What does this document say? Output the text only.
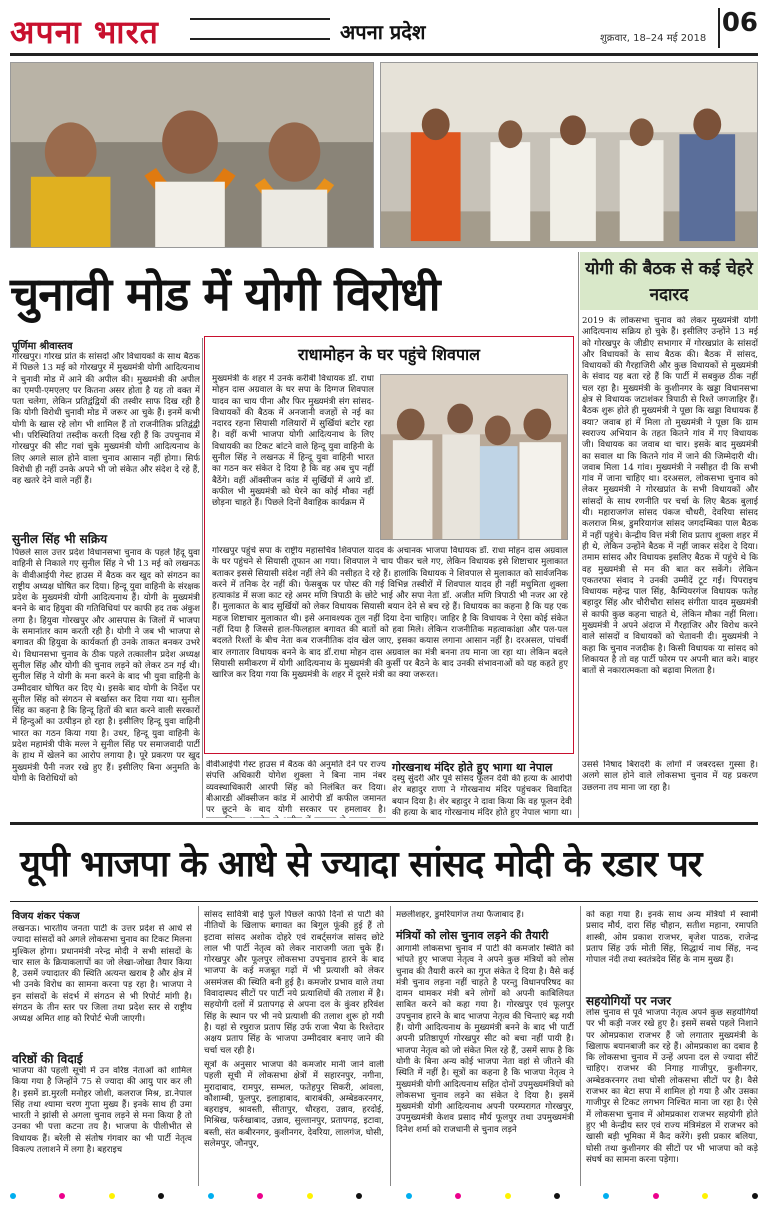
अपना भारत	अपना प्रदेश	शुक्रवार, 18–24 मई 2018
06
चुनावी मोड में योगी विरोधी	योगी की बैठक से कई चेहरे नदारद
पूर्णिमा श्रीवास्तव
गोरखपुर। गोरख प्रांत के सांसदों और विधायकों के साथ बैठक में पिछले 13 मई को गोरखपुर में मुख्यमंत्री योगी आदित्यनाथ ने चुनावी मोड में आने की अपील की। मुख्यमंत्री की अपील का एमपी-एमएलए पर कितना असर होता है यह तो वक्त में पता चलेगा, लेकिन प्रतिद्वंद्वियों की तस्वीर साफ दिख रही है कि योगी विरोधी चुनावी मोड में जरूर आ चुके हैं। इनमें कभी योगी के खास रहे लोग भी शामिल हैं तो राजनीतिक प्रतिद्वंद्वी भी। परिस्थितियां तस्दीक करती दिख रही हैं कि उपचुनाव में गोरखपुर की सीट गवां चुके मुख्यमंत्री योगी आदित्यनाथ के लिए अगले साल होने वाला चुनाव आसान नहीं होगा। सिर्फ विरोधी ही नहीं उनके अपने भी जो संकेत और संदेश दे रहे हैं, वह खतरे देने वाले नहीं हैं।
सुनील सिंह भी सक्रिय
पिछले साल उत्तर प्रदेश विधानसभा चुनाव के पहले हिंदू युवा वाहिनी से निकाले गए सुनील सिंह ने भी 13 मई को लखनऊ के वीवीआईपी गेस्ट हाउस में बैठक कर खुद को संगठन का राष्ट्रीय अध्यक्ष घोषित कर दिया। हिन्दू युवा वाहिनी के संरक्षक प्रदेश के मुख्यमंत्री योगी आदित्यनाथ हैं। योगी के मुख्यमंत्री बनने के बाद हियुवा की गतिविधियां पर काफी हद तक अंकुश लगा है। हियुवा गोरखपुर और आसपास के जिलों में भाजपा के समानांतर काम करती रही है। योगी ने जब भी भाजपा से बगावत की हियुवा के कार्यकर्ता ही उनके ताकत बनकर उभरे थे। विधानसभा चुनाव के ठीक पहले तत्कालीन प्रदेश अध्यक्ष सुनील सिंह और योगी की चुनाव लड़ने को लेकर ठन गई थी। सुनील सिंह ने योगी के मना करने के बाद भी युवा वाहिनी के उम्मीदवार घोषित कर दिए थे। इसके बाद योगी के निर्देश पर सुनील सिंह को संगठन से बर्खास्त कर दिया गया था। सुनील सिंह का कहना है कि हिन्दू हितों की बात करने वाली सरकारों में हिन्दुओं का उत्पीड़न हो रहा है। इसीलिए हिन्दू युवा वाहिनी भारत का गठन किया गया है। उधर, हिन्दू युवा वाहिनी के प्रदेश महामंत्री पीके मल्ल ने सुनील सिंह पर समाजवादी पार्टी के हाथ में खेलने का आरोप लगाया है। पूरे प्रकरण पर खुद मुख्यमंत्री पैनी नजर रखे हुए हैं। इसीलिए बिना अनुमति के योगी के विरोधियों को
राधामोहन के घर पहुंचे शिवपाल
मुख्यमंत्री के शहर में उनके करीबी विधायक डॉ. राधा मोहन दास अग्रवाल के घर सपा के दिग्गज शिवपाल यादव का चाय पीना और फिर मुख्यमंत्री संग सांसद-विधायकों की बैठक में अनजानी वजहों से नई का नदारद रहना सियासी गलियारों में सुर्खियां बटोर रहा है। वहीं कभी भाजपा योगी आदित्यनाथ के लिए विधायकी का टिकट बांटने वाले हिन्दू युवा वाहिनी के सुनील सिंह ने लखनऊ में हिन्दू युवा वाहिनी भारत का गठन कर संकेत दे दिया है कि वह अब चुप नहीं बैठेंगे। वहीं ऑक्सीजन कांड में सुर्खियों में आये डॉ. कफील भी मुख्यमंत्री को घेरने का कोई मौका नहीं छोड़ना चाहते हैं। पिछले दिनों वैवाहिक कार्यक्रम में
गोरखपुर पहुंचे सपा के राष्ट्रीय महासचिव शिवपाल यादव के अचानक भाजपा विधायक डॉ. राधा मोहन दास अग्रवाल के घर पहुंचने से सियासी तूफान आ गया। शिवपाल ने चाय पीकर चले गए, लेकिन विधायक इसे शिष्टाचार मुलाकात बताकर इससे सियासी संदेश नहीं लेने की नसीहत दे रहे हैं। हालांकि विधायक ने शिवपाल से मुलाकात को सार्वजनिक करने में तनिक देर नहीं की। फेसबुक पर पोस्ट की गई विभिन्न तस्वीरों में शिवपाल यादव ही नहीं मधुमिता शुक्ला हत्याकांड में सजा काट रहे अमर मणि त्रिपाठी के छोटे भाई और सपा नेता डॉ. अजीत मणि त्रिपाठी भी नजर आ रहे हैं। मुलाकात के बाद सुर्खियों को लेकर विधायक सियासी बयान देने से बच रहे हैं। विधायक का कहना है कि यह एक महज शिष्टाचार मुलाकात थी। इसे अनावश्यक तूल नहीं दिया देना चाहिए। जाहिर है कि विधायक ने ऐसा कोई संकेत नहीं दिया है जिससे हाल-फिलहाल बगावत की बातों को हवा मिले। लेकिन राजनीतिक महत्वाकांक्षा और पल-पल बदलते रिश्तों के बीच नेता कब राजनीतिक दांव खेल जाए, इसका कयास लगाना आसान नहीं है। दरअसल, पांचवीं बार लगातार विधायक बनने के बाद डॉ.राधा मोहन दास अग्रवाल का मंत्री बनना तय माना जा रहा था। लेकिन बदले सियासी समीकरण में योगी आदित्यनाथ के मुख्यमंत्री की कुर्सी पर बैठने के बाद उनकी संभावनाओं को यह कहते हुए खारिज कर दिया गया कि मुख्यमंत्री के शहर में दूसरे मंत्री का क्या जरूरत।
वीवीआईपी गेस्ट हाउस में बैठक की अनुमति देने पर राज्य संपत्ति अधिकारी योगेश शुक्ला ने बिना नाम नंबर व्यवस्थाधिकारी आरपी सिंह को निलंबित कर दिया। बीआरडी ऑक्सीजन कांड में आरोपी डॉ कफील जमानत पर छूटने के बाद योगी सरकार पर हमलावर है।
गोरखनाथ मंदिर होते हुए भागा था नेपाल
दस्यु सुंदरी और पूर्व सांसद फूलन देवी की हत्या के आरोपी शेर बहादुर राणा ने गोरखनाथ मंदिर पहुंचकर विवादित बयान दिया है। शेर बहादुर ने दावा किया कि वह फूलन देवी की हत्या के बाद गोरखनाथ मंदिर होते हुए नेपाल भागा था।
2019 के लोकसभा चुनाव को लेकर मुख्यमंत्री योगी आदित्यनाथ सक्रिय हो चुके हैं। इसीलिए उन्होंने 13 मई को गोरखपुर के जीडीए सभागार में गोरखप्रांत के सांसदों और विधायकों के साथ बैठक की। बैठक में सांसद, विधायकों की गैरहाजिरी और कुछ विधायकों से मुख्यमंत्री के संवाद यह बता रहे हैं कि पार्टी में सबकुछ ठीक नहीं चल रहा है। मुख्यमंत्री के कुशीनगर के खड्डा विधानसभा क्षेत्र से विधायक जटाशंकर त्रिपाठी से रिश्ते जगजाहिर हैं। बैठक शुरू होते ही मुख्यमंत्री ने पूछा कि खड्डा विधायक हैं क्या? जवाब हां में मिला तो मुख्यमंत्री ने पूछा कि ग्राम स्वराज्य अभियान के तहत कितने गांव में गए विधायक जी। विधायक का जवाब था चार। इसके बाद मुख्यमंत्री का सवाल था कि कितने गांव में जाने की जिम्मेदारी थी। जवाब मिला 14 गांव। मुख्यमंत्री ने नसीहत दी कि सभी गांव में जाना चाहिए था। दरअसल, लोकसभा चुनाव को लेकर मुख्यमंत्री ने गोरखप्रांत के सभी विधायकों और सांसदों के साथ रणनीति पर चर्चा के लिए बैठक बुलाई थी। महाराजगंज सांसद पंकज चौधरी, देवरिया सांसद कलराज मिश्र, डुमरियागंज सांसद जगदम्बिका पाल बैठक में नहीं पहुंचे। केन्द्रीय वित्त मंत्री शिव प्रताप शुक्ला शहर में ही थे, लेकिन उन्होंने बैठक में नहीं जाकर संदेश दे दिया। तमाम सांसद और विधायक इसलिए बैठक में पहुंचे थे कि वह मुख्यमंत्री से मन की बात कर सकेंगे। लेकिन एकतरफा संवाद ने उनकी उम्मीदें टूट गईं। पिपराइच विधायक महेन्द्र पाल सिंह, कैम्पियरगंज विधायक फतेह बहादुर सिंह और चौरीचौरा सांसद संगीता यादव मुख्यमंत्री से काफी कुछ कहना चाहते थे, लेकिन मौका नहीं मिला। मुख्यमंत्री ने अपने अंदाज में गैरहाजिर और विरोध करने वाले सांसदों व विधायकों को चेतावनी दी। मुख्यमंत्री ने कहा कि चुनाव नजदीक है। किसी विधायक या सांसद को शिकायत है तो वह पार्टी फोरम पर अपनी बात करे। बाहर बातों से नकारात्मकता को बढ़ावा मिलता है।
उससे निषाद बिरादरी के लोगों में जबरदस्त गुस्सा है। अलगे साल होने वाले लोकसभा चुनाव में यह प्रकरण उछलना तय माना जा रहा है।
यूपी भाजपा के आधे से ज्यादा सांसद मोदी के रडार पर
विजय शंकर पंकज
लखनऊ। भारतीय जनता पार्टी के उत्तर प्रदेश से आधे से ज्यादा सांसदों को अगले लोकसभा चुनाव का टिकट मिलना मुश्किल होगा। प्रधानमंत्री नरेन्द्र मोदी ने सभी सांसदों के चार साल के क्रियाकलापों का जो लेखा-जोखा तैयार किया है, उसमें ज्यादातर की स्थिति अत्यन्त खराब है और क्षेत्र में भी उनके विरोध का सामना करना पड़ रहा है। भाजपा ने इन सांसदों के संदर्भ में संगठन से भी रिपोर्ट मांगी है। संगठन के तीन स्तर पर जिला तथा प्रदेश स्तर से राष्ट्रीय अध्यक्ष अमित शाह को रिपोर्ट भेजी जाएगी।
वरिष्ठों की विदाई
भाजपा की पहली सूची में उन वरिष्ठ नेताओं को शामिल किया गया है जिन्होंने 75 से ज्यादा की आयु पार कर ली है। इसमें डा.मुरली मनोहर जोशी, कलराज मिश्र, डा.नेपाल सिंह तथा श्यामा चरण गुप्ता मुख्य हैं। इनके साथ ही उमा भारती ने झांसी से अगला चुनाव लड़ने से मना किया है तो उनका भी पत्ता कटना तय है। भाजपा के पीलीभीत से विधायक हैं। बरेली से संतोष गंगवार का भी पार्टी नेतृत्व विकल्प तलाशने में लगा है। बहराइच
सांसद सावित्री बाई फुले पिछले काफी दिनों से पार्टी की नीतियों के खिलाफ बगावत का बिगुल फूंकी हुई हैं तो इटावा सांसद अशोक दोहरे एवं राबर्ट्सगंज सांसद छोटे लाल भी पार्टी नेतृत्व को लेकर नाराजगी जता चुके हैं। गोरखपुर और फूलपुर लोकसभा उपचुनाव हारने के बाद भाजपा के कई मजबूत गढ़ों में भी प्रत्याशी को लेकर असमंजस की स्थिति बनी हुई है। कमजोर प्रभाव वाले तथा विवादास्पद सीटों पर पार्टी नये प्रत्याशियों की तलाश में है। सहयोगी दलों में प्रतापगढ़ से अपना दल के कुंवर हरिवंश सिंह के स्थान पर भी नये प्रत्याशी की तलाश शुरू हो गयी है। यहां से रघुराज प्रताप सिंह उर्फ राजा भैया के रिश्तेदार अक्षय प्रताप सिंह के भाजपा उम्मीदवार बनाए जाने की चर्चा चल रही है।
सूत्रों के अनुसार भाजपा की कमजोर मानी जाने वाली पहली सूची में लोकसभा क्षेत्रों में सहारनपुर, नगीना, मुरादाबाद, रामपुर, सम्भल, फतेहपुर सिकरी, आंवला, कौशाम्बी, फूलपुर, इलाहाबाद, बाराबंकी, अम्बेडकरनगर, बहराइच, श्रावस्ती, सीतापुर, धौरहरा, उन्नाव, हरदोई, मिश्रिख, फर्रुखाबाद, उन्नाव, सुल्तानपुर, प्रतापगढ़, इटावा, बस्ती, संत कबीरनगर, कुशीनगर, देवरिया, लालगंज, घोसी, सलेमपुर, जौनपुर,
मछलीशहर, डुमरियागंज तथा फैजाबाद हैं।
मंत्रियों को लोस चुनाव लड़ने की तैयारी
आगामी लोकसभा चुनाव में पार्टी की कमजोर स्थिति को भांपते हुए भाजपा नेतृत्व ने अपने कुछ मंत्रियों को लोस चुनाव की तैयारी करने का गुप्त संकेत दे दिया है। वैसे कई मंत्री चुनाव लड़ना नहीं चाहते है परन्तु विधानपरिषद का दामन थामकर मंत्री बने लोगों को अपनी काबिलियत साबित करने को कहा गया है। गोरखपुर एवं फूलपुर उपचुनाव हारने के बाद भाजपा नेतृत्व की चिन्ताएं बढ़ गयी हैं। योगी आदित्यनाथ के मुख्यमंत्री बनने के बाद भी पार्टी अपनी प्रतिष्ठापूर्ण गोरखपुर सीट को बचा नहीं पायी है। भाजपा नेतृत्व को जो संकेत मिल रहे हैं, उसमें साफ है कि योगी के बिना अन्य कोई भाजपा नेता वहां से जीतने की स्थिति में नहीं है। सूत्रों का कहना है कि भाजपा नेतृत्व ने मुख्यमंत्री योगी आदित्यनाथ सहित दोनों उपमुख्यमंत्रियों को लोकसभा चुनाव लड़ने का संकेत दे दिया है। इसमें मुख्यमंत्री योगी आदित्यनाथ अपनी परम्परागत गोरखपुर, उपमुख्यमंत्री केशव प्रसाद मौर्य फूलपुर तथा उपमुख्यमंत्री दिनेश शर्मा को राजधानी से चुनाव लड़ने
को कहा गया है। इनके साथ अन्य मंत्रियों में स्वामी प्रसाद मौर्य, दारा सिंह चौहान, सतीश महाना, रमापति शास्त्री, ओम प्रकाश राजभर, बृजेश पाठक, राजेन्द्र प्रताप सिंह उर्फ मोती सिंह, सिद्धार्थ नाथ सिंह, नन्द गोपाल नंदी तथा स्वतंत्रदेव सिंह के नाम मुख्य हैं।
सहयोगियों पर नजर
लोस चुनाव से पूर्व भाजपा नेतृत्व अपने कुछ सहयोगियों पर भी कड़ी नजर रखे हुए है। इसमें सबसे पहले निशाने पर ओमप्रकाश राजभर हैं जो लगातार मुख्यमंत्री के खिलाफ बयानबाजी कर रहे हैं। ओमप्रकाश का दबाव है कि लोकसभा चुनाव में उन्हें अपना दल से ज्यादा सीटें चाहिए। राजभर की निगाह गाजीपुर, कुशीनगर, अम्बेडकरनगर तथा घोसी लोकसभा सीटों पर है। वैसे राजभर का बेटा सपा में शामिल हो गया है और उसका गाजीपुर से टिकट लगभग निश्चित माना जा रहा है। ऐसे में लोकसभा चुनाव में ओमप्रकाश राजभर सहयोगी होते हुए भी केन्द्रीय स्तर एवं राज्य मंत्रिमंडल में राजभर को खासी बड़ी भूमिका में कैद करेंगे। इसी प्रकार बलिया, घोसी तथा कुशीनगर की सीटों पर भी भाजपा को कड़े संघर्ष का सामना करना पड़ेगा।
